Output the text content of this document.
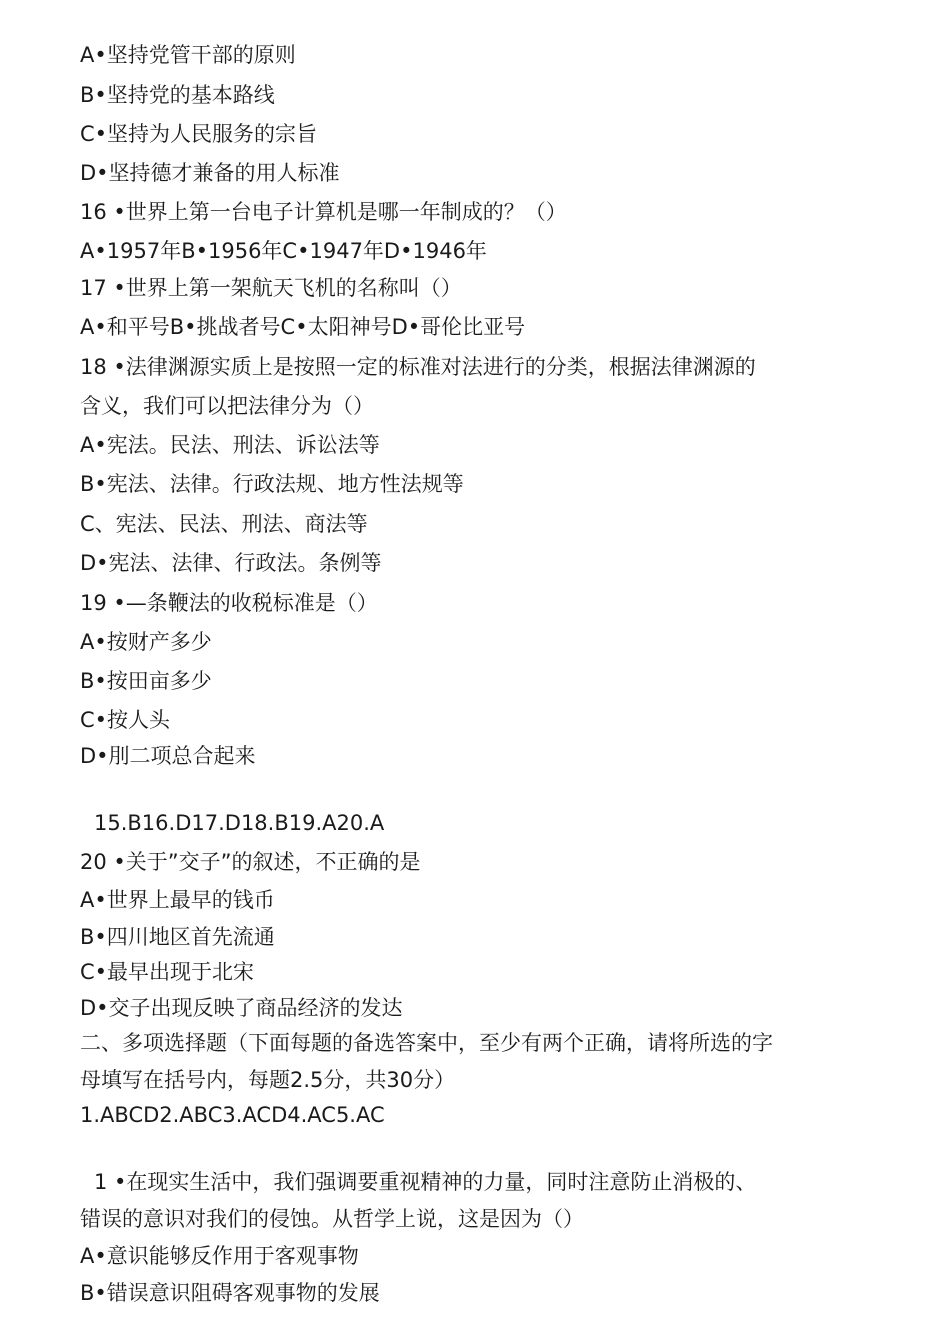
A•坚持党管干部的原则
B•坚持党的基本路线
C•坚持为人民服务的宗旨
D•坚持德才兼备的用人标准
16 •世界上第一台电子计算机是哪一年制成的？（）
A•1957年B•1956年C•1947年D•1946年
17 •世界上第一架航天飞机的名称叫（）
A•和平号B•挑战者号C•太阳神号D•哥伦比亚号
18 •法律渊源实质上是按照一定的标准对法进行的分类，根据法律渊源的
含义，我们可以把法律分为（）
A•宪法。民法、刑法、诉讼法等
B•宪法、法律。行政法规、地方性法规等
C、宪法、民法、刑法、商法等
D•宪法、法律、行政法。条例等
19 •—条鞭法的收税标准是（）
A•按财产多少
B•按田亩多少
C•按人头
D•刖二项总合起来
15.B16.D17.D18.B19.A20.A
20 •关于”交子”的叙述，不正确的是
A•世界上最早的钱币
B•四川地区首先流通
C•最早出现于北宋
D•交子出现反映了商品经济的发达
二、多项选择题（下面每题的备选答案中，至少有两个正确，请将所选的字
母填写在括号内，每题2.5分，共30分）
1.ABCD2.ABC3.ACD4.AC5.AC
1 •在现实生活中，我们强调要重视精神的力量，同时注意防止消极的、
错误的意识对我们的侵蚀。从哲学上说，这是因为（）
A•意识能够反作用于客观事物
B•错误意识阻碍客观事物的发展
